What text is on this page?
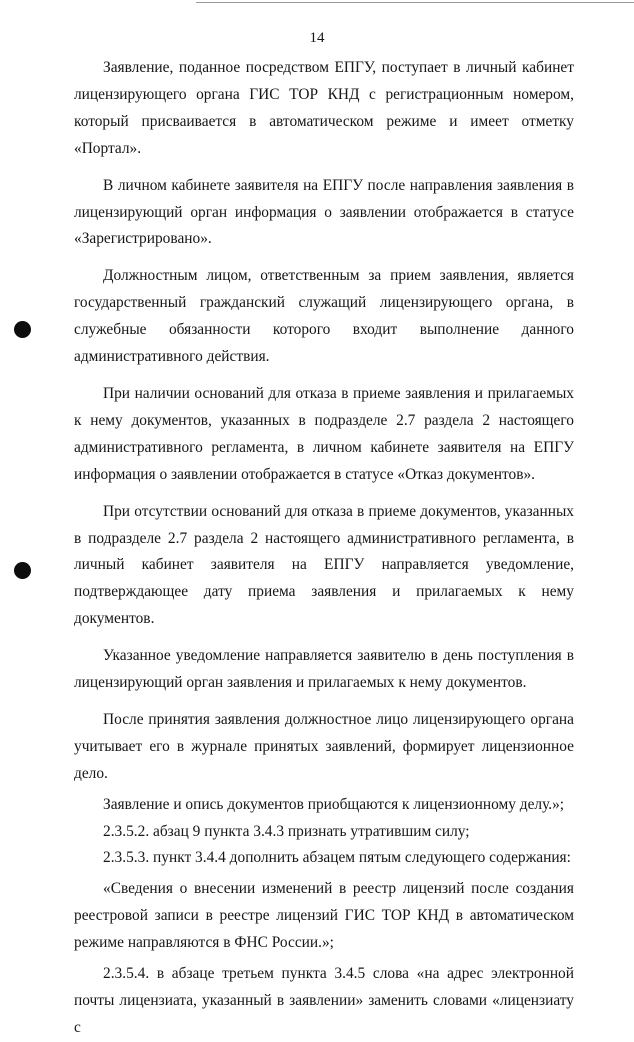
14

Заявление, поданное посредством ЕПГУ, поступает в личный кабинет лицензирующего органа ГИС ТОР КНД с регистрационным номером, который присваивается в автоматическом режиме и имеет отметку «Портал».

В личном кабинете заявителя на ЕПГУ после направления заявления в лицензирующий орган информация о заявлении отображается в статусе «Зарегистрировано».

Должностным лицом, ответственным за прием заявления, является государственный гражданский служащий лицензирующего органа, в служебные обязанности которого входит выполнение данного административного действия.

При наличии оснований для отказа в приеме заявления и прилагаемых к нему документов, указанных в подразделе 2.7 раздела 2 настоящего административного регламента, в личном кабинете заявителя на ЕПГУ информация о заявлении отображается в статусе «Отказ документов».

При отсутствии оснований для отказа в приеме документов, указанных в подразделе 2.7 раздела 2 настоящего административного регламента, в личный кабинет заявителя на ЕПГУ направляется уведомление, подтверждающее дату приема заявления и прилагаемых к нему документов.

Указанное уведомление направляется заявителю в день поступления в лицензирующий орган заявления и прилагаемых к нему документов.

После принятия заявления должностное лицо лицензирующего органа учитывает его в журнале принятых заявлений, формирует лицензионное дело.

Заявление и опись документов приобщаются к лицензионному делу.»;

2.3.5.2. абзац 9 пункта 3.4.3 признать утратившим силу;

2.3.5.3. пункт 3.4.4 дополнить абзацем пятым следующего содержания:

«Сведения о внесении изменений в реестр лицензий после создания реестровой записи в реестре лицензий ГИС ТОР КНД в автоматическом режиме направляются в ФНС России.»;

2.3.5.4. в абзаце третьем пункта 3.4.5 слова «на адрес электронной почты лицензиата, указанный в заявлении» заменить словами «лицензиату с
